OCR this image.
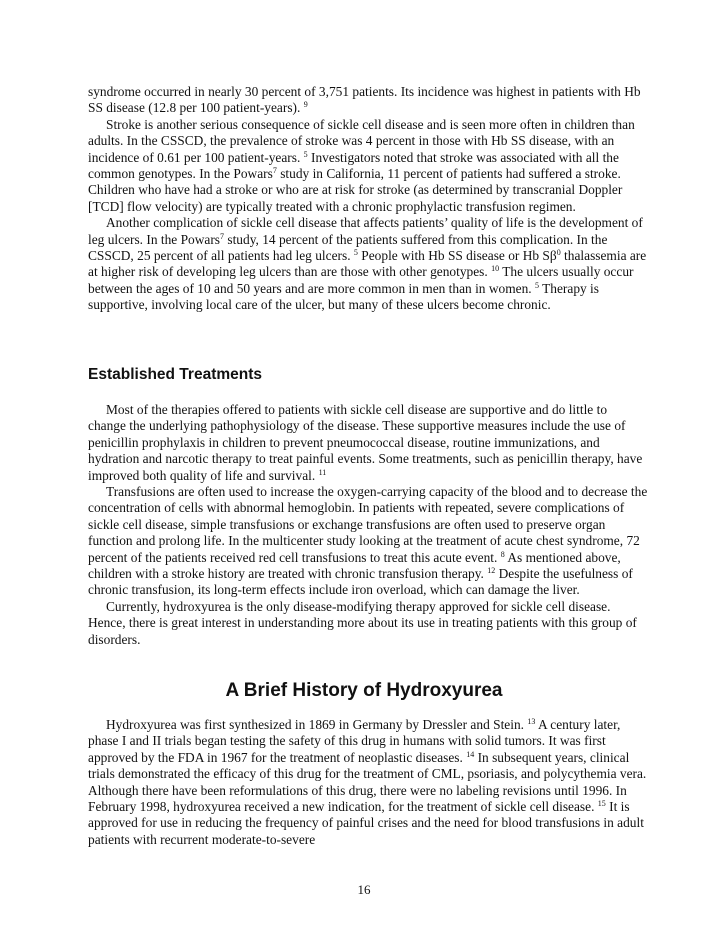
syndrome occurred in nearly 30 percent of 3,751 patients. Its incidence was highest in patients with Hb SS disease (12.8 per 100 patient-years). $^9$

Stroke is another serious consequence of sickle cell disease and is seen more often in children than adults. In the CSSCD, the prevalence of stroke was 4 percent in those with Hb SS disease, with an incidence of 0.61 per 100 patient-years. $^5$ Investigators noted that stroke was associated with all the common genotypes. In the Powars$^7$ study in California, 11 percent of patients had suffered a stroke. Children who have had a stroke or who are at risk for stroke (as determined by transcranial Doppler [TCD] flow velocity) are typically treated with a chronic prophylactic transfusion regimen.

Another complication of sickle cell disease that affects patients’ quality of life is the development of leg ulcers. In the Powars$^7$ study, 14 percent of the patients suffered from this complication. In the CSSCD, 25 percent of all patients had leg ulcers. $^5$ People with Hb SS disease or Hb $S\beta^0$ thalassemia are at higher risk of developing leg ulcers than are those with other genotypes. $^{10}$ The ulcers usually occur between the ages of 10 and 50 years and are more common in men than in women. $^5$ Therapy is supportive, involving local care of the ulcer, but many of these ulcers become chronic.

Established Treatments

Most of the therapies offered to patients with sickle cell disease are supportive and do little to change the underlying pathophysiology of the disease. These supportive measures include the use of penicillin prophylaxis in children to prevent pneumococcal disease, routine immunizations, and hydration and narcotic therapy to treat painful events. Some treatments, such as penicillin therapy, have improved both quality of life and survival. $^{11}$

Transfusions are often used to increase the oxygen-carrying capacity of the blood and to decrease the concentration of cells with abnormal hemoglobin. In patients with repeated, severe complications of sickle cell disease, simple transfusions or exchange transfusions are often used to preserve organ function and prolong life. In the multicenter study looking at the treatment of acute chest syndrome, 72 percent of the patients received red cell transfusions to treat this acute event. $^8$ As mentioned above, children with a stroke history are treated with chronic transfusion therapy. $^{12}$ Despite the usefulness of chronic transfusion, its long-term effects include iron overload, which can damage the liver.

Currently, hydroxyurea is the only disease-modifying therapy approved for sickle cell disease. Hence, there is great interest in understanding more about its use in treating patients with this group of disorders.

A Brief History of Hydroxyurea

Hydroxyurea was first synthesized in 1869 in Germany by Dressler and Stein. $^{13}$ A century later, phase I and II trials began testing the safety of this drug in humans with solid tumors. It was first approved by the FDA in 1967 for the treatment of neoplastic diseases. $^{14}$ In subsequent years, clinical trials demonstrated the efficacy of this drug for the treatment of CML, psoriasis, and polycythemia vera. Although there have been reformulations of this drug, there were no labeling revisions until 1996. In February 1998, hydroxyurea received a new indication, for the treatment of sickle cell disease. $^{15}$ It is approved for use in reducing the frequency of painful crises and the need for blood transfusions in adult patients with recurrent moderate-to-severe

16
